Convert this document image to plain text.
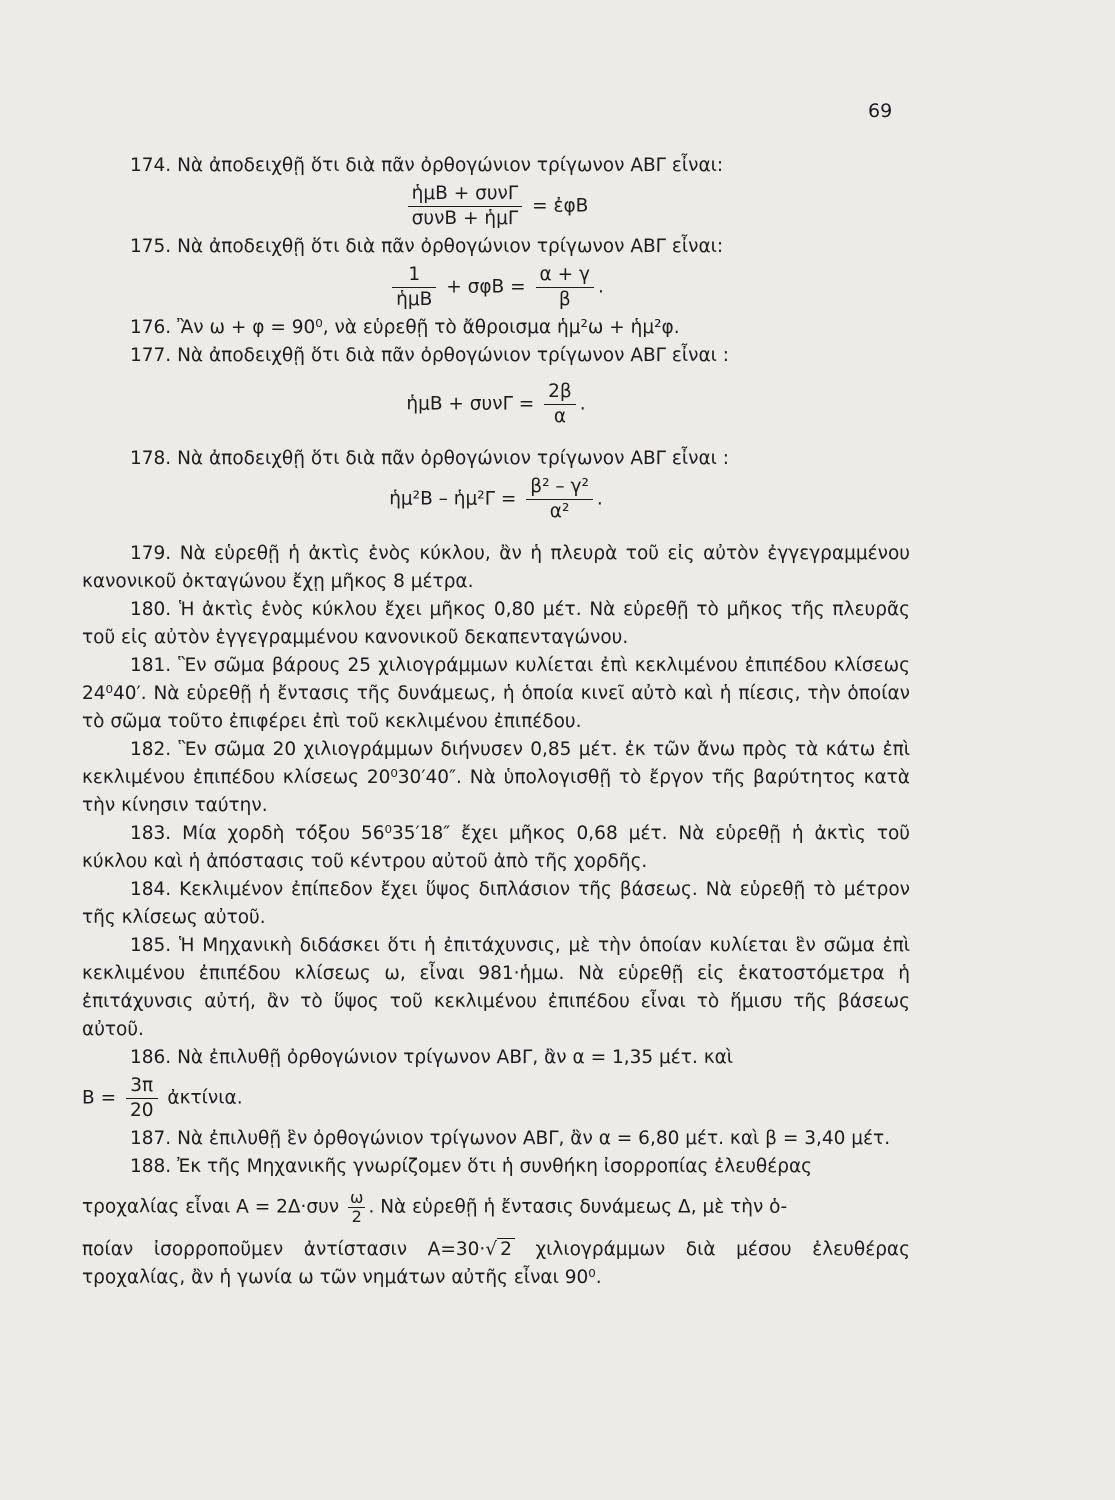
69

174. Νὰ ἀποδειχθῇ ὅτι διὰ πᾶν ὀρθογώνιον τρίγωνον ΑΒΓ εἶναι:

$\frac{\text{ἡμΒ + συνΓ}}{\text{συνΒ + ἡμΓ}}$ = ἐφΒ

175. Νὰ ἀποδειχθῇ ὅτι διὰ πᾶν ὀρθογώνιον τρίγωνον ΑΒΓ εἶναι:

$\frac{1}{\text{ἡμΒ}} + \sigma\varphi B = \frac{\alpha + \gamma}{\beta}$ .

176. Ἂν ω + φ = 90⁰, νὰ εὑρεθῇ τὸ ἄθροισμα ἡμ²ω + ἡμ²φ.

177. Νὰ ἀποδειχθῇ ὅτι διὰ πᾶν ὀρθογώνιον τρίγωνον ΑΒΓ εἶναι :

ἡμΒ + $\sigma\upsilon\nu\Gamma = \frac{2\beta}{\alpha}$ .

178. Νὰ ἀποδειχθῇ ὅτι διὰ πᾶν ὀρθογώνιον τρίγωνον ΑΒΓ εἶναι :

ἡμ²Β – ἡμ²Γ = $\frac{\text{β² – γ²}}{\text{α²}}$ .

179. Νὰ εὑρεθῇ ἡ ἀκτὶς ἑνὸς κύκλου, ἂν ἡ πλευρὰ τοῦ εἰς αὐτὸν ἐγγεγραμμένου κανονικοῦ ὀκταγώνου ἔχῃ μῆκος 8 μέτρα.

180. Ἡ ἀκτὶς ἑνὸς κύκλου ἔχει μῆκος 0,80 μέτ. Νὰ εὑρεθῇ τὸ μῆκος τῆς πλευρᾶς τοῦ εἰς αὐτὸν ἐγγεγραμμένου κανονικοῦ δεκαπενταγώνου.

181. Ἓν σῶμα βάρους 25 χιλιογράμμων κυλίεται ἐπὶ κεκλιμένου ἐπιπέδου κλίσεως 24⁰40′. Νὰ εὑρεθῇ ἡ ἔντασις τῆς δυνάμεως, ἡ ὁποία κινεῖ αὐτὸ καὶ ἡ πίεσις, τὴν ὁποίαν τὸ σῶμα τοῦτο ἐπιφέρει ἐπὶ τοῦ κεκλιμένου ἐπιπέδου.

182. Ἓν σῶμα 20 χιλιογράμμων διήνυσεν 0,85 μέτ. ἐκ τῶν ἄνω πρὸς τὰ κάτω ἐπὶ κεκλιμένου ἐπιπέδου κλίσεως 20⁰30′40″. Νὰ ὑπολογισθῇ τὸ ἔργον τῆς βαρύτητος κατὰ τὴν κίνησιν ταύτην.

183. Μία χορδὴ τόξου 56⁰35′18″ ἔχει μῆκος 0,68 μέτ. Νὰ εὑρεθῇ ἡ ἀκτὶς τοῦ κύκλου καὶ ἡ ἀπόστασις τοῦ κέντρου αὐτοῦ ἀπὸ τῆς χορδῆς.

184. Κεκλιμένον ἐπίπεδον ἔχει ὕψος διπλάσιον τῆς βάσεως. Νὰ εὑρεθῇ τὸ μέτρον τῆς κλίσεως αὐτοῦ.

185. Ἡ Μηχανικὴ διδάσκει ὅτι ἡ ἐπιτάχυνσις, μὲ τὴν ὁποίαν κυλίεται ἓν σῶμα ἐπὶ κεκλιμένου ἐπιπέδου κλίσεως ω, εἶναι 981·ἡμω. Νὰ εὑρεθῇ εἰς ἑκατοστόμετρα ἡ ἐπιτάχυνσις αὐτή, ἂν τὸ ὕψος τοῦ κεκλιμένου ἐπιπέδου εἶναι τὸ ἥμισυ τῆς βάσεως αὐτοῦ.

186. Νὰ ἐπιλυθῇ ὀρθογώνιον τρίγωνον ΑΒΓ, ἂν α = 1,35 μέτ. καὶ

$B = \frac{3\pi}{20}$ ἀκτίνια.

187. Νὰ ἐπιλυθῇ ἓν ὀρθογώνιον τρίγωνον ΑΒΓ, ἂν α = 6,80 μέτ. καὶ β = 3,40 μέτ.

188. Ἐκ τῆς Μηχανικῆς γνωρίζομεν ὅτι ἡ συνθήκη ἰσορροπίας ἐλευθέρας

τροχαλίας εἶναι $A = 2\Delta\cdot\sigma\upsilon\nu \frac{\omega}{2}$ . Νὰ εὑρεθῇ ἡ ἔντασις δυνάμεως Δ, μὲ τὴν ὁ-
ποίαν ἰσορροποῦμεν ἀντίστασιν Α=30·√ 2 χιλιογράμμων διὰ μέσου ἐλευθέρας τροχαλίας, ἂν ἡ γωνία ω τῶν νημάτων αὐτῆς εἶναι 90⁰.
